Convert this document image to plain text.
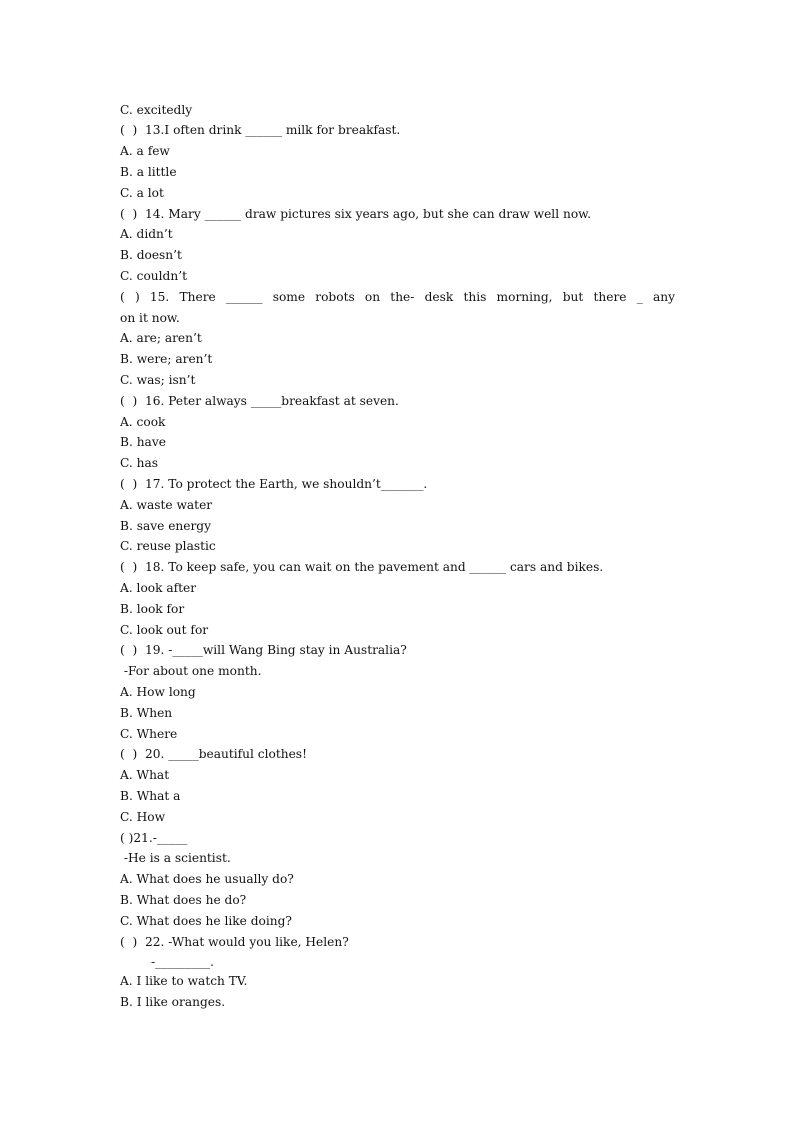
C. excitedly
(  )  13.I often drink ______ milk for breakfast.
A. a few
B. a little
C. a lot
(  )  14. Mary ______ draw pictures six years ago, but she can draw well now.
A. didn’t
B. doesn’t
C. couldn’t
( ) 15. There ______ some robots on the- desk this morning, but there _ any
on it now.
A. are; aren’t
B. were; aren’t
C. was; isn’t
(  )  16. Peter always _____breakfast at seven.
A. cook
B. have
C. has
(  )  17. To protect the Earth, we shouldn’t_______.
A. waste water
B. save energy
C. reuse plastic
(  )  18. To keep safe, you can wait on the pavement and ______ cars and bikes.
A. look after
B. look for
C. look out for
(  )  19. -_____will Wang Bing stay in Australia?
-For about one month.
A. How long
B. When
C. Where
(  )  20. _____beautiful clothes!
A. What
B. What a
C. How
( )21.-_____
-He is a scientist.
A. What does he usually do?
B. What does he do?
C. What does he like doing?
(  )  22. -What would you like, Helen?
-_________.
A. I like to watch TV.
B. I like oranges.
